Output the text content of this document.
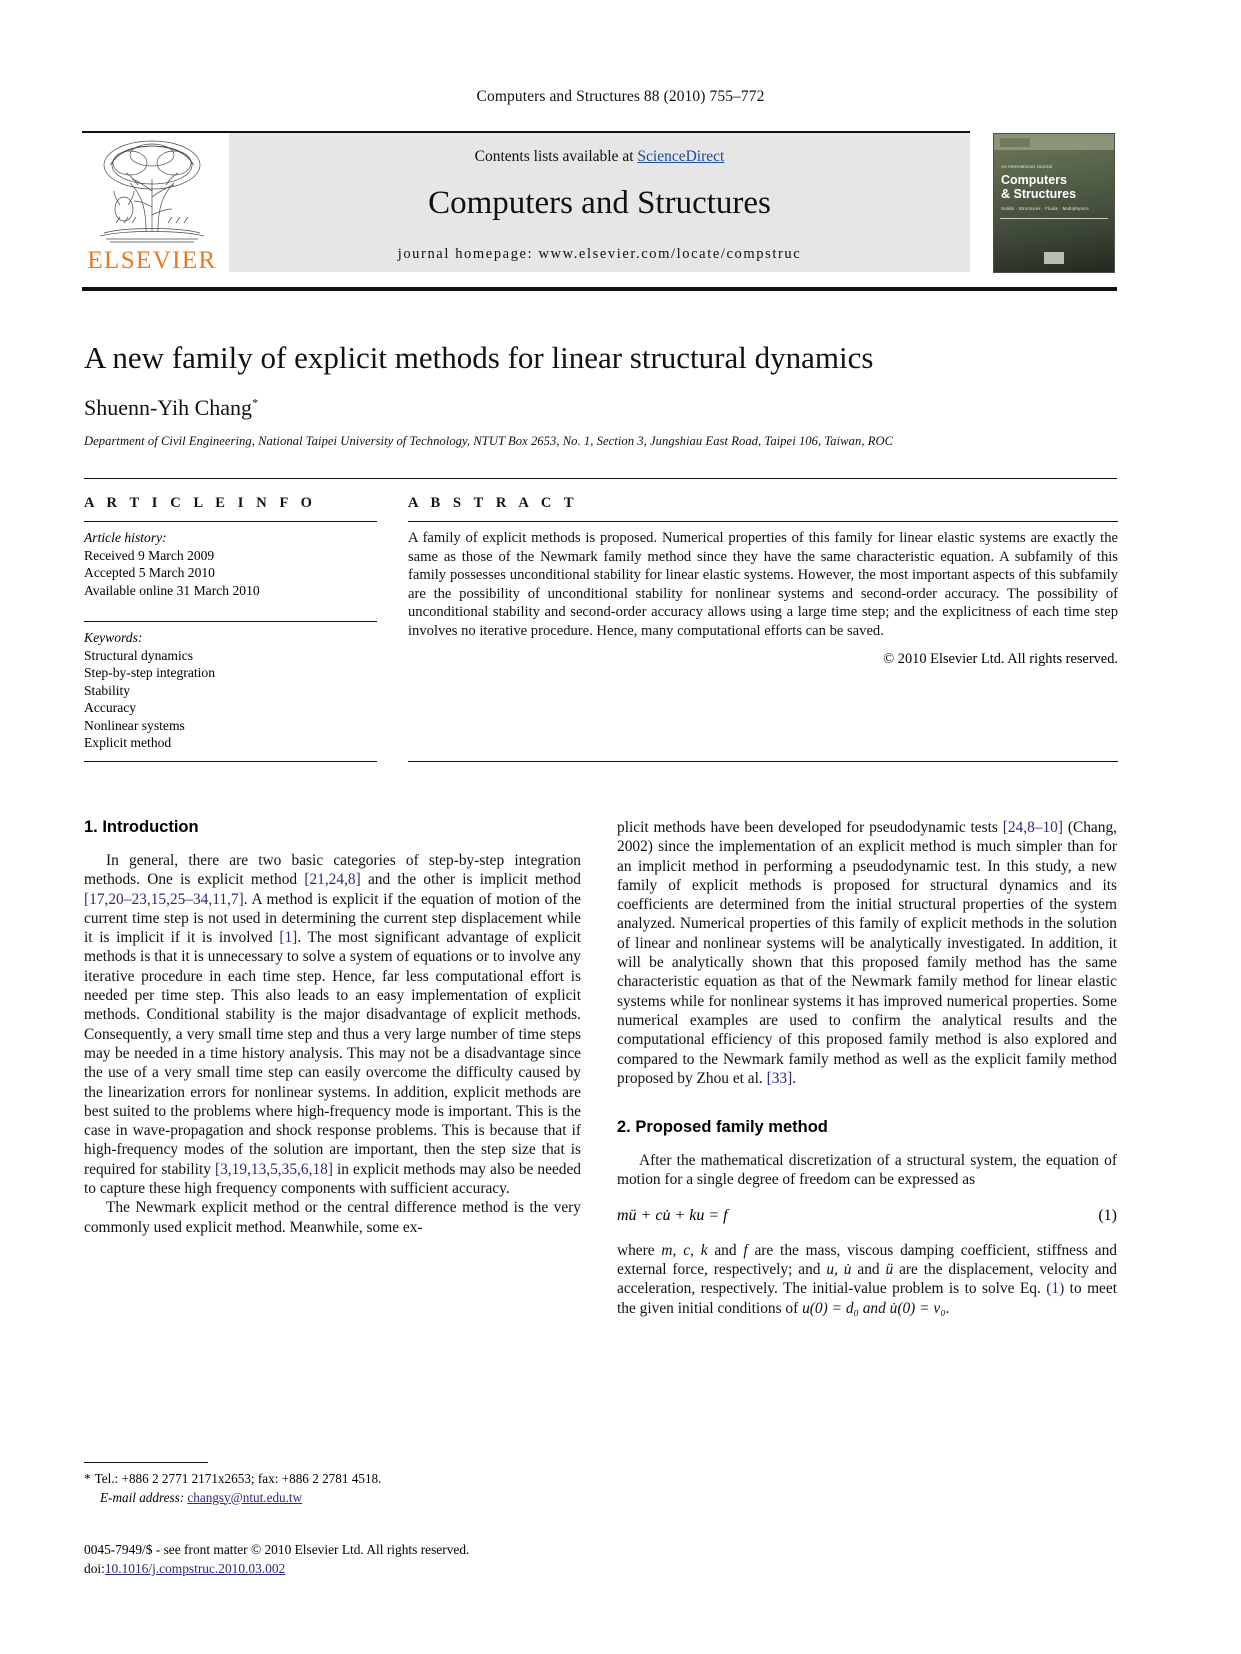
Computers and Structures 88 (2010) 755–772
ELSEVIER
Contents lists available at ScienceDirect
Computers and Structures
journal homepage: www.elsevier.com/locate/compstruc
An International Journal
Computers
& Structures
Solids · Structures · Fluids · Multiphysics
A new family of explicit methods for linear structural dynamics
Shuenn-Yih Chang*
Department of Civil Engineering, National Taipei University of Technology, NTUT Box 2653, No. 1, Section 3, Jungshiau East Road, Taipei 106, Taiwan, ROC
A R T I C L E I N F O
Article history:
Received 9 March 2009
Accepted 5 March 2010
Available online 31 March 2010
Keywords:
Structural dynamics
Step-by-step integration
Stability
Accuracy
Nonlinear systems
Explicit method
A B S T R A C T
A family of explicit methods is proposed. Numerical properties of this family for linear elastic systems are exactly the same as those of the Newmark family method since they have the same characteristic equation. A subfamily of this family possesses unconditional stability for linear elastic systems. However, the most important aspects of this subfamily are the possibility of unconditional stability for nonlinear systems and second-order accuracy. The possibility of unconditional stability and second-order accuracy allows using a large time step; and the explicitness of each time step involves no iterative procedure. Hence, many computational efforts can be saved.
© 2010 Elsevier Ltd. All rights reserved.
1. Introduction

In general, there are two basic categories of step-by-step integration methods. One is explicit method [21,24,8] and the other is implicit method [17,20–23,15,25–34,11,7]. A method is explicit if the equation of motion of the current time step is not used in determining the current step displacement while it is implicit if it is involved [1]. The most significant advantage of explicit methods is that it is unnecessary to solve a system of equations or to involve any iterative procedure in each time step. Hence, far less computational effort is needed per time step. This also leads to an easy implementation of explicit methods. Conditional stability is the major disadvantage of explicit methods. Consequently, a very small time step and thus a very large number of time steps may be needed in a time history analysis. This may not be a disadvantage since the use of a very small time step can easily overcome the difficulty caused by the linearization errors for nonlinear systems. In addition, explicit methods are best suited to the problems where high-frequency mode is important. This is the case in wave-propagation and shock response problems. This is because that if high-frequency modes of the solution are important, then the step size that is required for stability [3,19,13,5,35,6,18] in explicit methods may also be needed to capture these high frequency components with sufficient accuracy.

The Newmark explicit method or the central difference method is the very commonly used explicit method. Meanwhile, some ex-

plicit methods have been developed for pseudodynamic tests [24,8–10] (Chang, 2002) since the implementation of an explicit method is much simpler than for an implicit method in performing a pseudodynamic test. In this study, a new family of explicit methods is proposed for structural dynamics and its coefficients are determined from the initial structural properties of the system analyzed. Numerical properties of this family of explicit methods in the solution of linear and nonlinear systems will be analytically investigated. In addition, it will be analytically shown that this proposed family method has the same characteristic equation as that of the Newmark family method for linear elastic systems while for nonlinear systems it has improved numerical properties. Some numerical examples are used to confirm the analytical results and the computational efficiency of this proposed family method is also explored and compared to the Newmark family method as well as the explicit family method proposed by Zhou et al. [33].

2. Proposed family method

After the mathematical discretization of a structural system, the equation of motion for a single degree of freedom can be expressed as

mü + cu̇ + ku = f	(1)

where m, c, k and f are the mass, viscous damping coefficient, stiffness and external force, respectively; and u, u̇ and ü are the displacement, velocity and acceleration, respectively. The initial-value problem is to solve Eq. (1) to meet the given initial conditions of u(0) = d₀ and u̇(0) = v₀.

* Tel.: +886 2 2771 2171x2653; fax: +886 2 2781 4518.
E-mail address: changsy@ntut.edu.tw
0045-7949/$ - see front matter © 2010 Elsevier Ltd. All rights reserved.
doi:10.1016/j.compstruc.2010.03.002
